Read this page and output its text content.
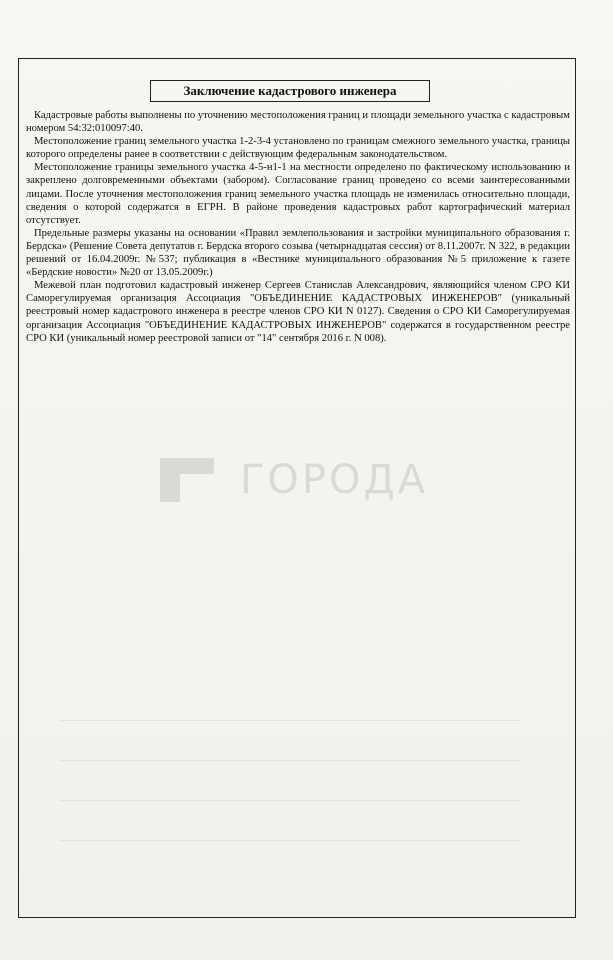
Заключение кадастрового инженера

Кадастровые работы выполнены по уточнению местоположения границ и площади земельного участка с кадастровым номером 54:32:010097:40.

Местоположение границ земельного участка 1-2-3-4 установлено по границам смежного земельного участка, границы которого определены ранее в соответствии с действующим федеральным законодательством.

Местоположение границы земельного участка 4-5-н1-1 на местности определено по фактическому использованию и закреплено долговременными объектами (забором). Согласование границ проведено со всеми заинтересованными лицами. После уточнения местоположения границ земельного участка площадь не изменилась относительно площади, сведения о которой содержатся в ЕГРН. В районе проведения кадастровых работ картографический материал отсутствует.

Предельные размеры указаны на основании «Правил землепользования и застройки муниципального образования г. Бердска» (Решение Совета депутатов г. Бердска второго созыва (четырнадцатая сессия) от 8.11.2007г. N 322, в редакции решений от 16.04.2009г. №537; публикация в «Вестнике муниципального образования №5 приложение к газете «Бердские новости» №20 от 13.05.2009г.)

Межевой план подготовил кадастровый инженер Сергеев Станислав Александрович, являющийся членом СРО КИ Саморегулируемая организация Ассоциация "ОБЪЕДИНЕНИЕ КАДАСТРОВЫХ ИНЖЕНЕРОВ" (уникальный реестровый номер кадастрового инженера в реестре членов СРО КИ N 0127). Сведения о СРО КИ Саморегулируемая организация Ассоциация "ОБЪЕДИНЕНИЕ КАДАСТРОВЫХ ИНЖЕНЕРОВ" содержатся в государственном реестре СРО КИ (уникальный номер реестровой записи от "14" сентября 2016 г. N 008).

ГОРОДА
